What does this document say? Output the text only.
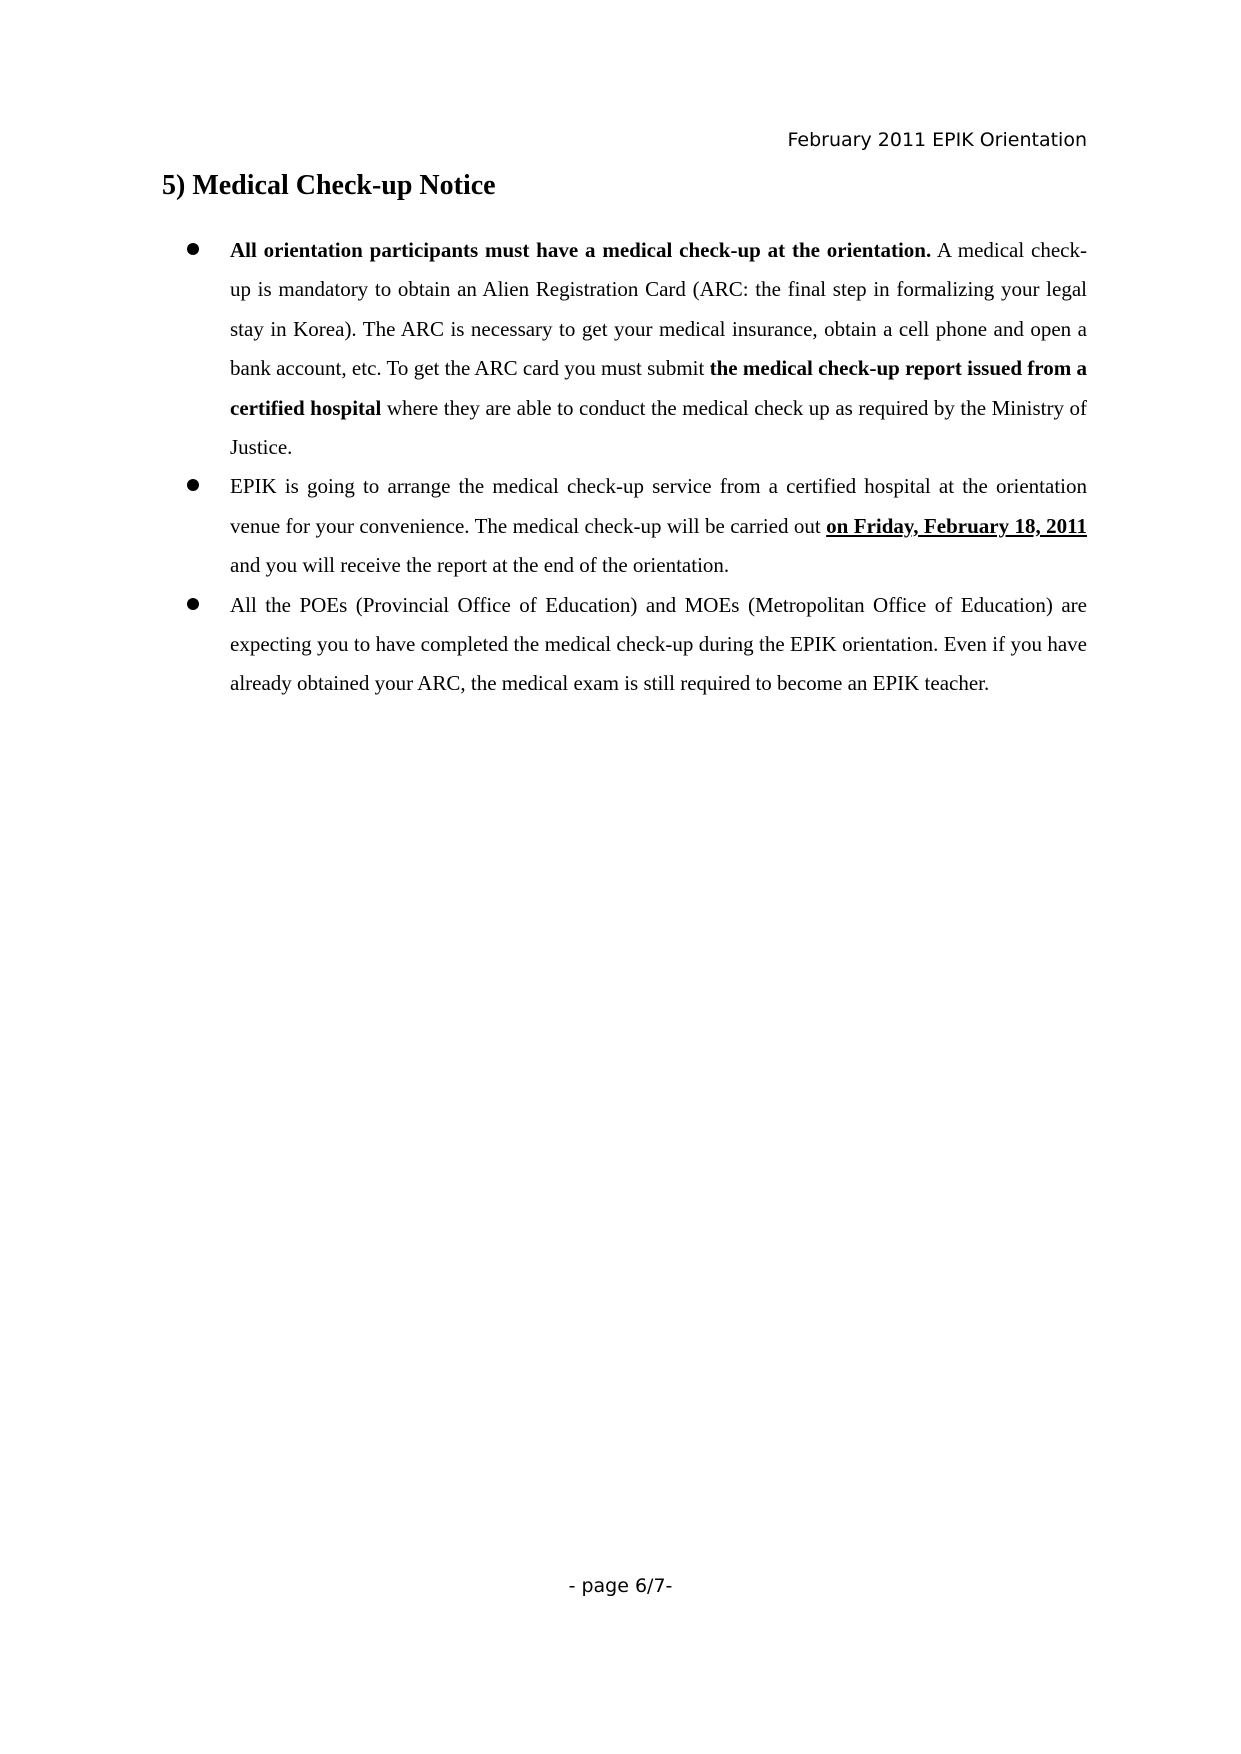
February 2011 EPIK Orientation
5) Medical Check-up Notice

All orientation participants must have a medical check-up at the orientation. A medical check-up is mandatory to obtain an Alien Registration Card (ARC: the final step in formalizing your legal stay in Korea). The ARC is necessary to get your medical insurance, obtain a cell phone and open a bank account, etc. To get the ARC card you must submit the medical check-up report issued from a certified hospital where they are able to conduct the medical check up as required by the Ministry of Justice.

EPIK is going to arrange the medical check-up service from a certified hospital at the orientation venue for your convenience. The medical check-up will be carried out on Friday, February 18, 2011 and you will receive the report at the end of the orientation.

All the POEs (Provincial Office of Education) and MOEs (Metropolitan Office of Education) are expecting you to have completed the medical check-up during the EPIK orientation. Even if you have already obtained your ARC, the medical exam is still required to become an EPIK teacher.

- page 6/7-
